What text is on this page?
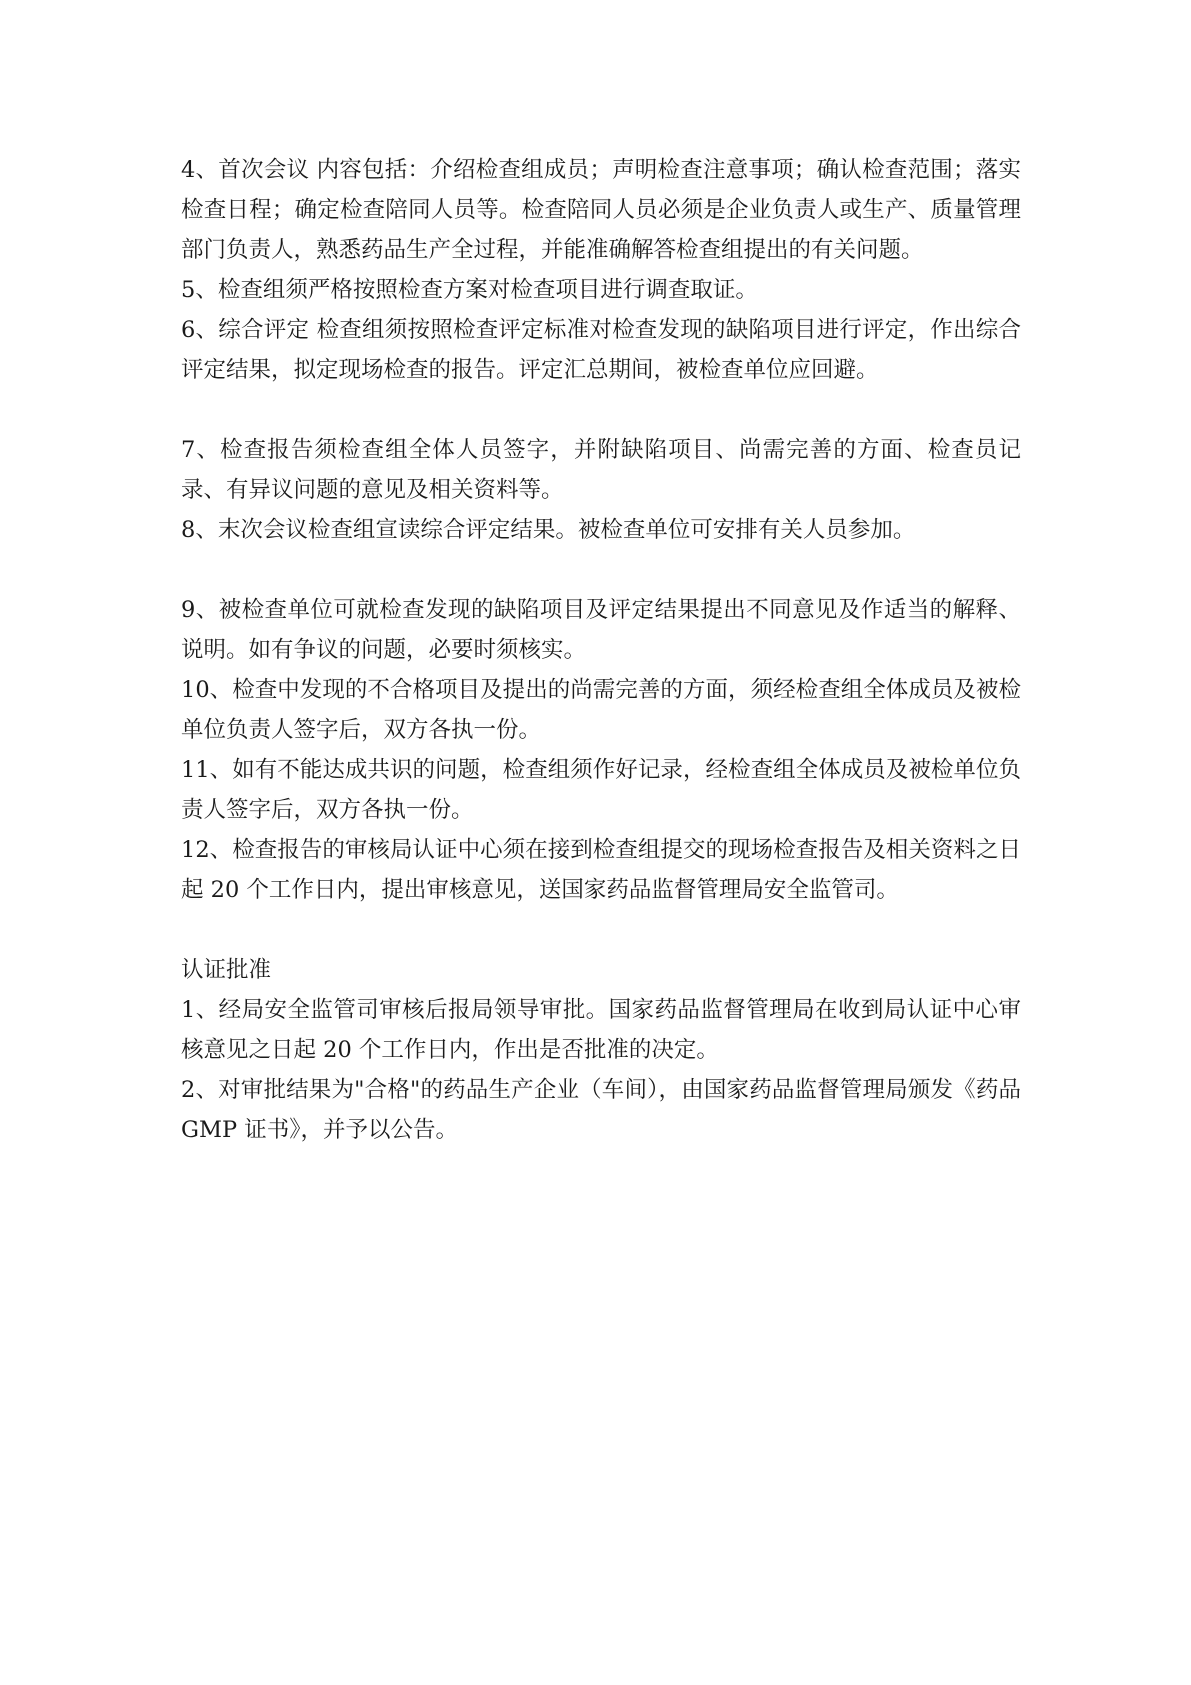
4、首次会议 内容包括：介绍检查组成员；声明检查注意事项；确认检查范围；落实检查日程；确定检查陪同人员等。检查陪同人员必须是企业负责人或生产、质量管理部门负责人，熟悉药品生产全过程，并能准确解答检查组提出的有关问题。

5、检查组须严格按照检查方案对检查项目进行调查取证。

6、综合评定 检查组须按照检查评定标准对检查发现的缺陷项目进行评定，作出综合评定结果，拟定现场检查的报告。评定汇总期间，被检查单位应回避。

7、检查报告须检查组全体人员签字，并附缺陷项目、尚需完善的方面、检查员记录、有异议问题的意见及相关资料等。

8、末次会议检查组宣读综合评定结果。被检查单位可安排有关人员参加。

9、被检查单位可就检查发现的缺陷项目及评定结果提出不同意见及作适当的解释、说明。如有争议的问题，必要时须核实。

10、检查中发现的不合格项目及提出的尚需完善的方面，须经检查组全体成员及被检单位负责人签字后，双方各执一份。

11、如有不能达成共识的问题，检查组须作好记录，经检查组全体成员及被检单位负责人签字后，双方各执一份。

12、检查报告的审核局认证中心须在接到检查组提交的现场检查报告及相关资料之日起 20 个工作日内，提出审核意见，送国家药品监督管理局安全监管司。

认证批准

1、经局安全监管司审核后报局领导审批。国家药品监督管理局在收到局认证中心审核意见之日起 20 个工作日内，作出是否批准的决定。

2、对审批结果为"合格"的药品生产企业（车间），由国家药品监督管理局颁发《药品 GMP 证书》，并予以公告。
